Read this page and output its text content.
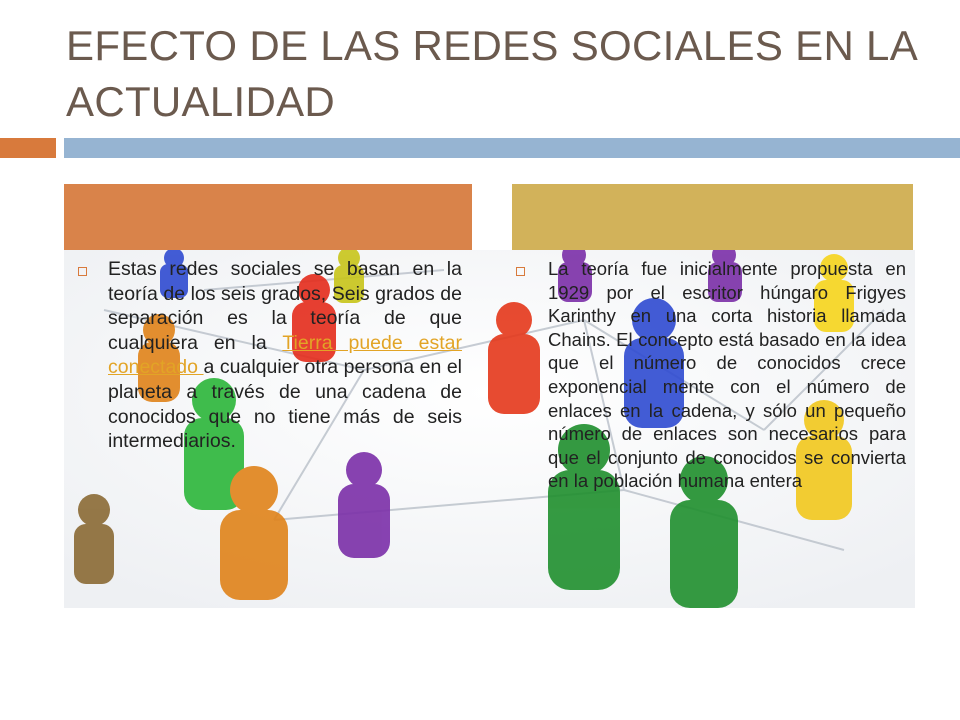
EFECTO DE LAS REDES SOCIALES EN LA ACTUALIDAD
Estas redes sociales se basan en la teoría de los seis grados, Seis grados de separación es la teoría de que cualquiera en la Tierra puede estar conectado a cualquier otra persona en el planeta a través de una cadena de conocidos que no tiene más de seis intermediarios.
La teoría fue inicialmente propuesta en 1929 por el escritor húngaro Frigyes Karinthy en una corta historia llamada Chains. El concepto está basado en la idea que el número de conocidos crece exponencial mente con el número de enlaces en la cadena, y sólo un pequeño número de enlaces son necesarios para que el conjunto de conocidos se convierta en la población humana entera
